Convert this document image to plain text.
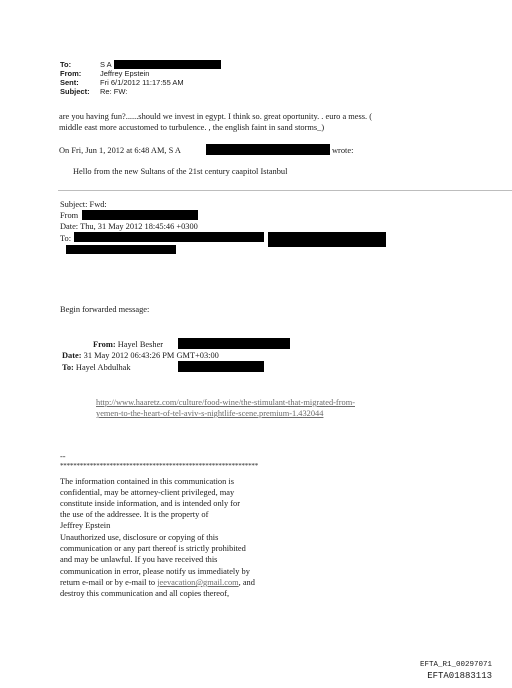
To:	S A
From:	Jeffrey Epstein
Sent:	Fri 6/1/2012 11:17:55 AM
Subject: Re: FW:
are you having fun?......should we invest in egypt. I think so. great oportunity. . euro a mess. (
middle east more accustomed to turbulence. , the english faint in sand storms_)
On Fri, Jun 1, 2012 at 6:48 AM, S A	wrote:
Hello from the new Sultans of the 21st century caapitol Istanbul
Subject: Fwd:
From
Date: Thu, 31 May 2012 18:45:46 +0300
To:
Begin forwarded message:
From: Hayel Besher
Date: 31 May 2012 06:43:26 PM GMT+03:00
To: Hayel Abdulhak
http://www.haaretz.com/culture/food-wine/the-stimulant-that-migrated-from-
yemen-to-the-heart-of-tel-aviv-s-nightlife-scene.premium-1.432044
--
************************************************************
The information contained in this communication is
confidential, may be attorney-client privileged, may
constitute inside information, and is intended only for
the use of the addressee. It is the property of
Jeffrey Epstein
Unauthorized use, disclosure or copying of this
communication or any part thereof is strictly prohibited
and may be unlawful. If you have received this
communication in error, please notify us immediately by
return e-mail or by e-mail to jeevacation@gmail.com, and
destroy this communication and all copies thereof,
EFTA_R1_00297071
EFTA01883113
